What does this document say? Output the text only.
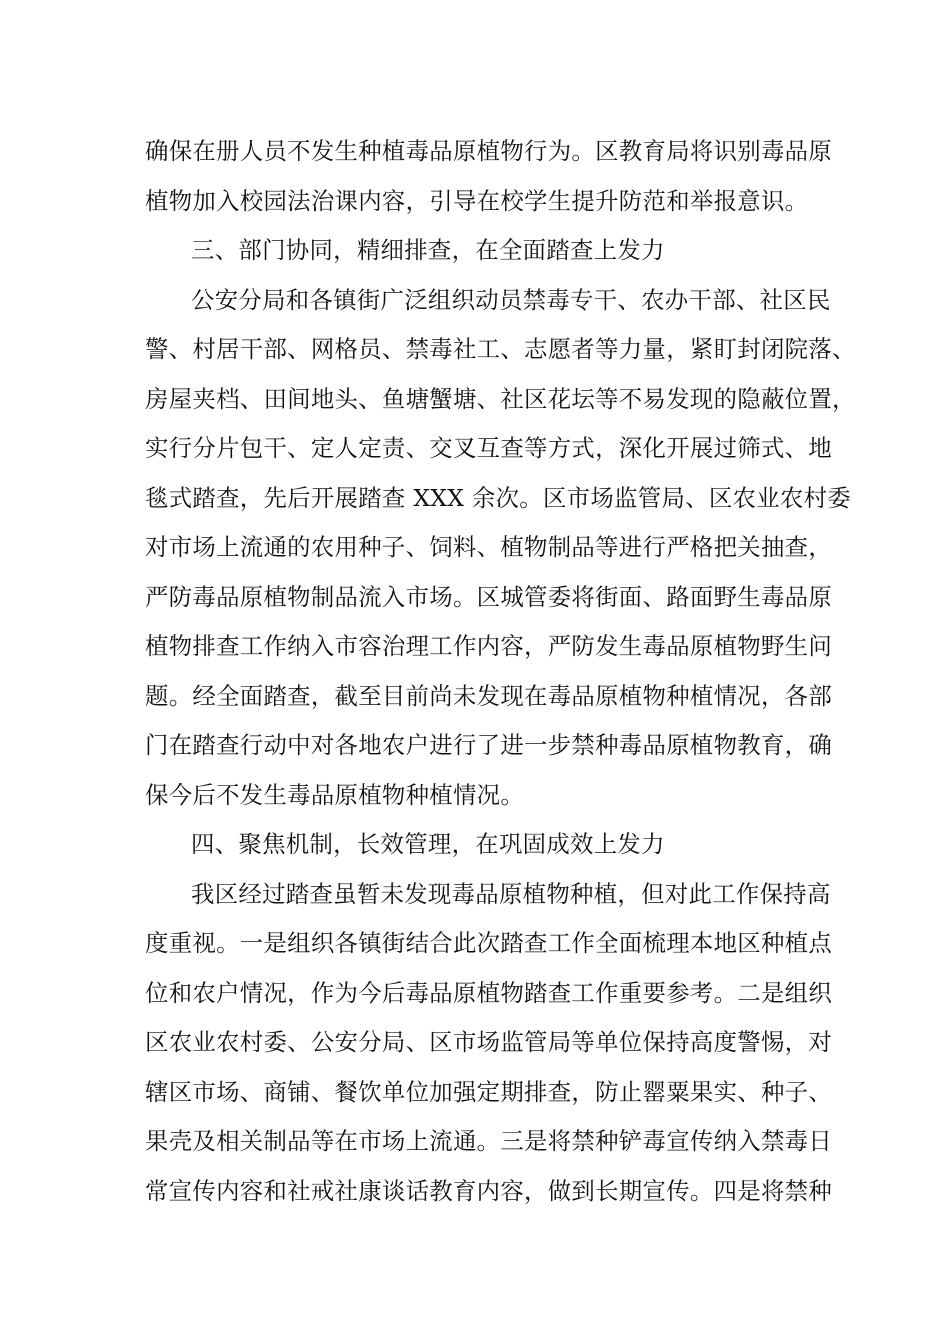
确保在册人员不发生种植毒品原植物行为。区教育局将识别毒品原
植物加入校园法治课内容，引导在校学生提升防范和举报意识。
三、部门协同，精细排查，在全面踏查上发力
公安分局和各镇街广泛组织动员禁毒专干、农办干部、社区民
警、村居干部、网格员、禁毒社工、志愿者等力量，紧盯封闭院落、
房屋夹档、田间地头、鱼塘蟹塘、社区花坛等不易发现的隐蔽位置，
实行分片包干、定人定责、交叉互查等方式，深化开展过筛式、地
毯式踏查，先后开展踏查 XXX 余次。区市场监管局、区农业农村委
对市场上流通的农用种子、饲料、植物制品等进行严格把关抽查，
严防毒品原植物制品流入市场。区城管委将街面、路面野生毒品原
植物排查工作纳入市容治理工作内容，严防发生毒品原植物野生问
题。经全面踏查，截至目前尚未发现在毒品原植物种植情况，各部
门在踏查行动中对各地农户进行了进一步禁种毒品原植物教育，确
保今后不发生毒品原植物种植情况。
四、聚焦机制，长效管理，在巩固成效上发力
我区经过踏查虽暂未发现毒品原植物种植，但对此工作保持高
度重视。一是组织各镇街结合此次踏查工作全面梳理本地区种植点
位和农户情况，作为今后毒品原植物踏查工作重要参考。二是组织
区农业农村委、公安分局、区市场监管局等单位保持高度警惕，对
辖区市场、商铺、餐饮单位加强定期排查，防止罂粟果实、种子、
果壳及相关制品等在市场上流通。三是将禁种铲毒宣传纳入禁毒日
常宣传内容和社戒社康谈话教育内容，做到长期宣传。四是将禁种
